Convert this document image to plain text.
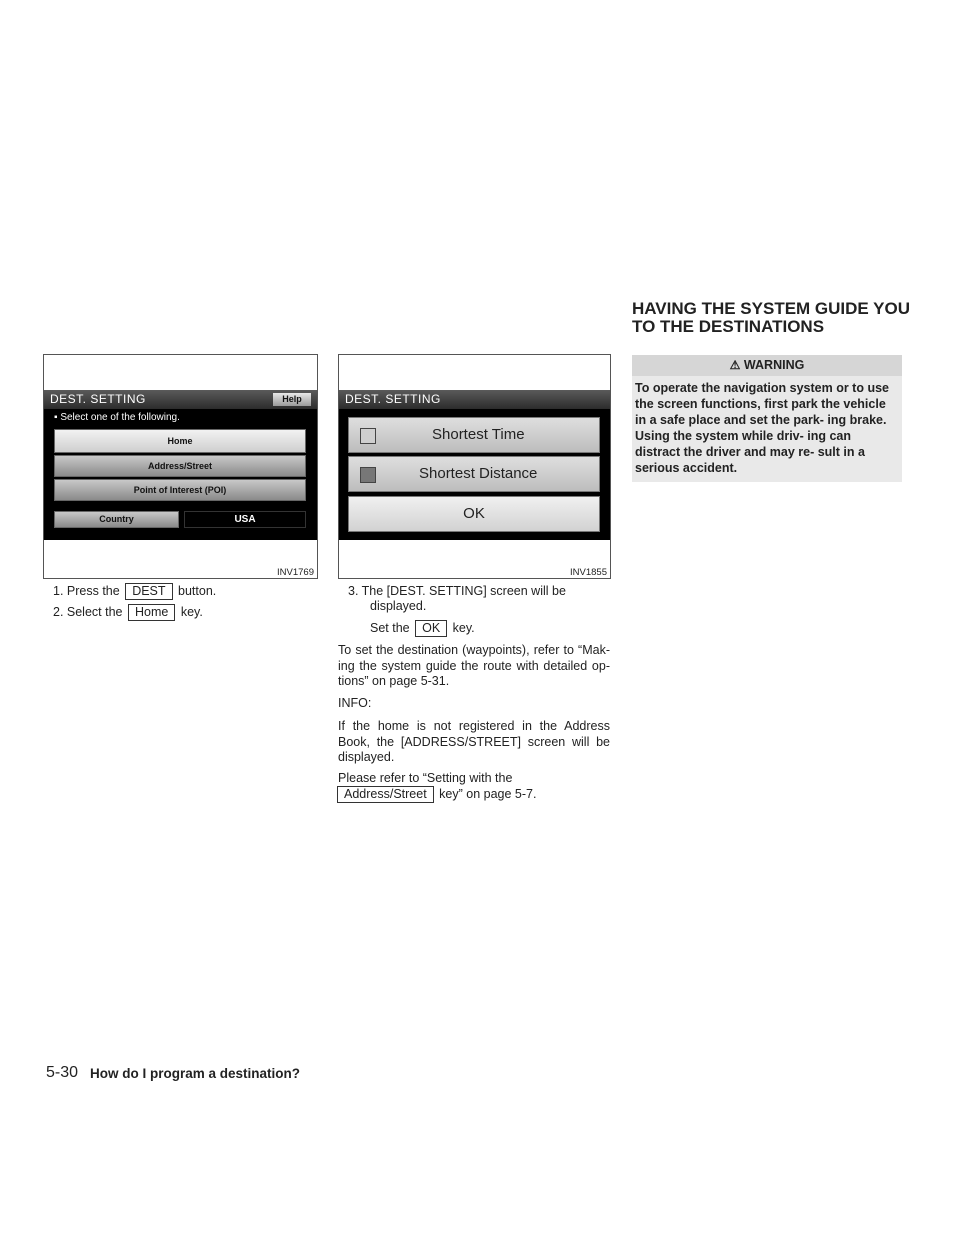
HAVING THE SYSTEM GUIDE YOU TO THE DESTINATIONS
DEST. SETTING	Help
▪ Select one of the following.
Home
Address/Street
Point of Interest (POI)
Country	USA
INV1769
DEST. SETTING
Shortest Time
Shortest Distance
OK
INV1855
⚠ WARNING
To operate the navigation system or to use the screen functions, first park the vehicle in a safe place and set the park- ing brake. Using the system while driv- ing can distract the driver and may re- sult in a serious accident.
1. Press the DEST button.
2. Select the Home key.
3. The [DEST. SETTING] screen will be
displayed.
Set the OK key.
To set the destination (waypoints), refer to “Mak- ing the system guide the route with detailed op- tions” on page 5-31.
INFO:
If the home is not registered in the Address Book, the [ADDRESS/STREET] screen will be displayed.
Please refer to “Setting with the
Address/Street key” on page 5-7.
5-30 How do I program a destination?
